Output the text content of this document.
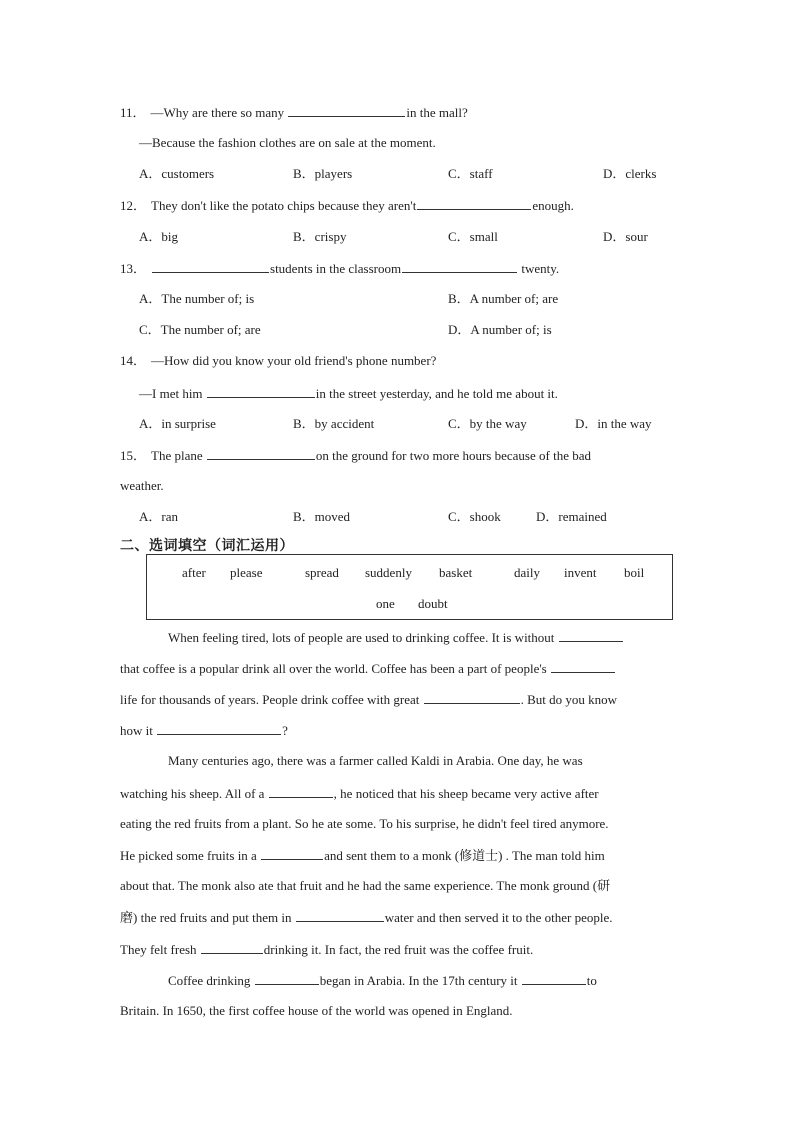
11． —Why are there so many	in the mall?
—Because the fashion clothes are on sale at the moment.
A．customers	B．players	C．staff	D．clerks
12． They don't like the potato chips because they aren't	enough.
A．big	B．crispy	C．small	D．sour
13．	students in the classroom	twenty.
A．The number of; is	B．A number of; are
C．The number of; are	D．A number of; is
14． —How did you know your old friend's phone number?
—I met him	in the street yesterday, and he told me about it.
A．in surprise	B．by accident	C．by the way	D．in the way
15． The plane	on the ground for two more hours because of the bad
weather.
A．ran	B．moved	C．shook	D．remained
二、选词填空（词汇运用）
after please	spread suddenly basket	daily invent boil
one doubt
When feeling tired, lots of people are used to drinking coffee. It is without
that coffee is a popular drink all over the world. Coffee has been a part of people's
life for thousands of years. People drink coffee with great	. But do you know
how it	?
Many centuries ago, there was a farmer called Kaldi in Arabia. One day, he was
watching his sheep. All of a	, he noticed that his sheep became very active after
eating the red fruits from a plant. So he ate some. To his surprise, he didn't feel tired anymore.
He picked some fruits in a	and sent them to a monk (修道士) . The man told him
about that. The monk also ate that fruit and he had the same experience. The monk ground (研
磨) the red fruits and put them in	water and then served it to the other people.
They felt fresh	drinking it. In fact, the red fruit was the coffee fruit.
Coffee drinking	began in Arabia. In the 17th century it	to
Britain. In 1650, the first coffee house of the world was opened in England.
